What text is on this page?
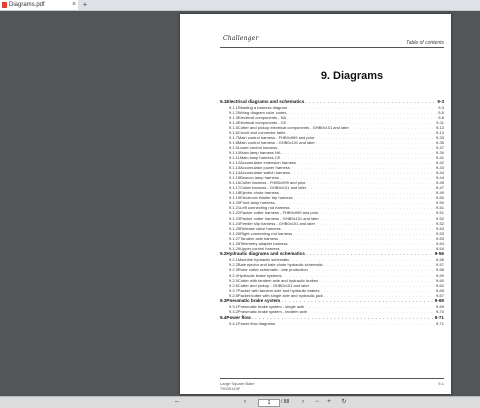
Diagrams.pdf	× +
Challenger
Table of contents
9. Diagrams
9.1 Electrical diagrams and schematics . . .	9-3
9.1.1 Reading a harness diagram . . .	9-3
9.1.2 Wiring diagram color codes . . .	9-5
9.1.3 Electrical components - NA . . .	9-6
9.1.4 Electrical components - CE . . .	9-11
9.1.5 Cutter and pickup electrical components - GHB0x101 and later . . .	9-13
9.1.6 Circuit and connector table . . .	9-13
9.1.7 Main control harness - FHB0x999 and prior . . .	9-33
9.1.8 Main control harness - GHB0x101 and later . . .	9-35
9.1.9 Lower control harness . . .	9-37
9.1.10 Main lamp harness NA . . .	9-39
9.1.11 Main lamp harness CE . . .	9-41
9.1.12 Accumulator extension harness . . .	9-42
9.1.13 Accumulator power harness . . .	9-43
9.1.14 Accumulator switch harness . . .	9-44
9.1.15 Beacon lamp harness . . .	9-44
9.1.16 Cutter harness - FHB0x999 and prior . . .	9-45
9.1.17 Cutter harness - GHB0x101 and later . . .	9-47
9.1.18 Ejector chute harness . . .	9-49
9.1.19 Electronic tinstler trip harness . . .	9-50
9.1.20 Front lamp harness . . .	9-50
9.1.21 Left connecting rod harness . . .	9-51
9.1.22 Packer cutter harness - FHB0x999 and prior . . .	9-51
9.1.23 Packer cutter harness - GHB0x101 and later . . .	9-52
9.1.24 Feeder slip harness - GHB0x101 and later . . .	9-52
9.1.25 Release valve harness . . .	9-53
9.1.26 Right connecting rod harness . . .	9-53
9.1.27 Tandem axle harness . . .	9-53
9.1.28 Telemetry adapter harness . . .	9-54
9.1.29 Upper control harness . . .	9-54
9.2 Hydraulic diagrams and schematics . . .	9-56
9.2.1 Machine hydraulic schematic . . .	9-56
9.2.2 Bale ejector and bale chute hydraulic schematic . . .	9-57
9.2.3 Rotor cutter schematic - late production . . .	9-58
9.2.4 Hydraulic brake systems . . .	9-59
9.2.5 Cutter with tandem axle and hydraulic brakes . . .	9-60
9.2.6 Cutter and pickup - GHB0x101 and later . . .	9-62
9.2.7 Packer with tandem axle and hydraulic brakes . . .	9-65
9.2.8 Packer/cutter with single axle and hydraulic jack . . .	9-67
9.3 Pneumatic brake system . . .	9-69
9.3.1 Pneumatic brake system - single axle . . .	9-69
9.3.2 Pneumatic brake system - tandem axle . . .	9-70
9.4 Power flow . . .	9-71
9.4.1 Power flow diagrams . . .	9-71
Large Square Baler
79039143F
9-1
⇔	‹	1	/ 88	›	−	+	↻
